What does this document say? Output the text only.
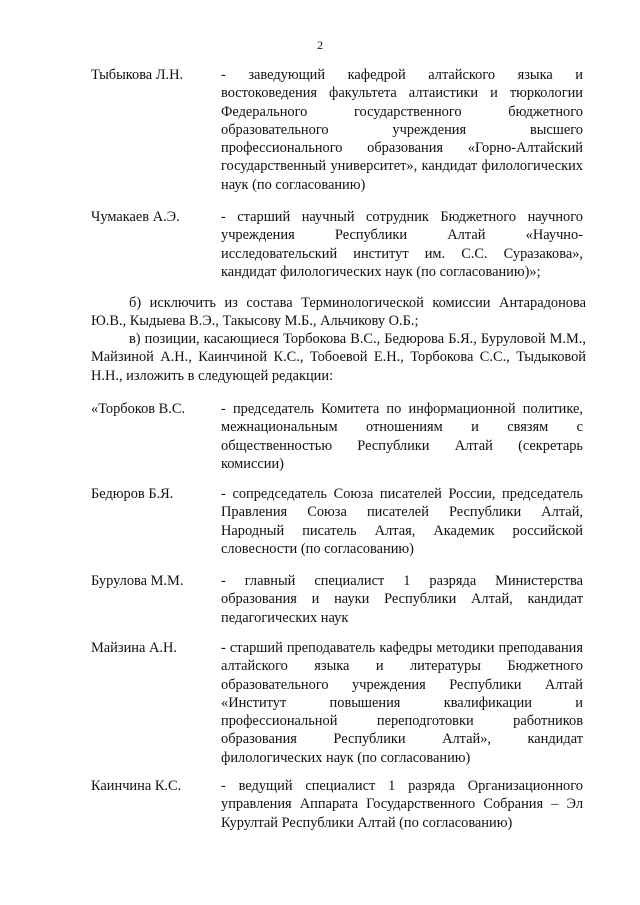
2
Тыбыкова Л.Н.	- заведующий кафедрой алтайского языка и востоковедения факультета алтаистики и тюркологии Федерального государственного бюджетного образовательного учреждения высшего профессионального образования «Горно-Алтайский государственный университет», кандидат филологических наук (по согласованию)
Чумакаев А.Э.	- старший научный сотрудник Бюджетного научного учреждения Республики Алтай «Научно-исследовательский институт им. С.С. Суразакова», кандидат филологических наук (по согласованию)»;
б) исключить из состава Терминологической комиссии Антарадонова Ю.В., Кыдыева В.Э., Такысову М.Б., Альчикову О.Б.;
в) позиции, касающиеся Торбокова В.С., Бедюрова Б.Я., Буруловой М.М., Майзиной А.Н., Каинчиной К.С., Тобоевой Е.Н., Торбокова С.С., Тыдыковой Н.Н., изложить в следующей редакции:
«Торбоков В.С.	- председатель Комитета по информационной политике, межнациональным отношениям и связям с общественностью Республики Алтай (секретарь комиссии)
Бедюров Б.Я.	- сопредседатель Союза писателей России, председатель Правления Союза писателей Республики Алтай, Народный писатель Алтая, Академик российской словесности (по согласованию)
Бурулова М.М.	- главный специалист 1 разряда Министерства образования и науки Республики Алтай, кандидат педагогических наук
Майзина А.Н.	- старший преподаватель кафедры методики преподавания алтайского языка и литературы Бюджетного образовательного учреждения Республики Алтай «Институт повышения квалификации и профессиональной переподготовки работников образования Республики Алтай», кандидат филологических наук (по согласованию)
Каинчина К.С.	- ведущий специалист 1 разряда Организационного управления Аппарата Государственного Собрания – Эл Курултай Республики Алтай (по согласованию)
